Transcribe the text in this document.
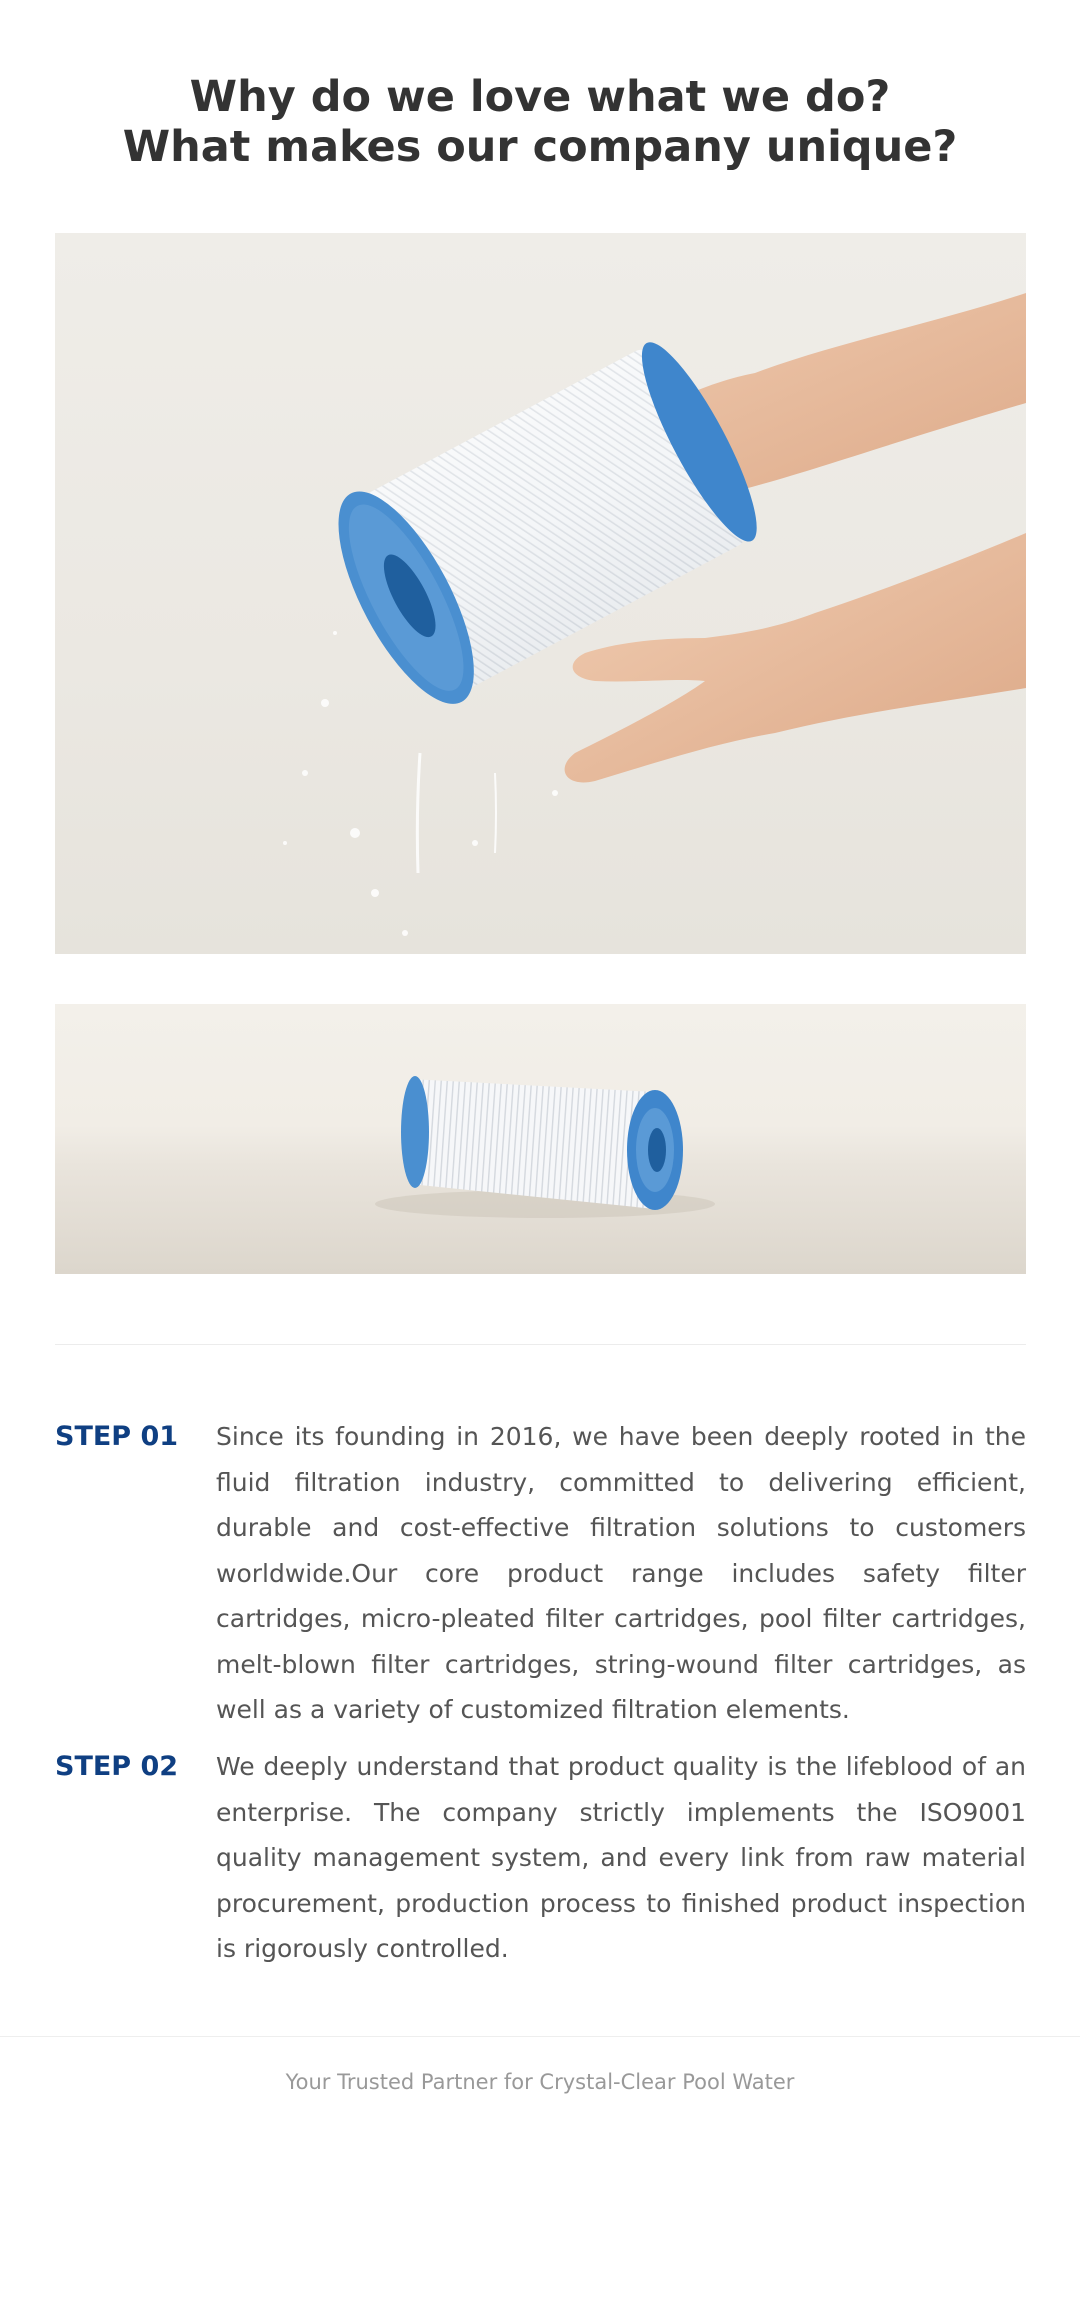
Why do we love what we do?
What makes our company unique?
STEP 01	Since its founding in 2016, we have been deeply rooted in the fluid filtration industry, committed to delivering efficient, durable and cost-effective filtration solutions to customers worldwide.Our core product range includes safety filter cartridges, micro-pleated filter cartridges, pool filter cartridges, melt-blown filter cartridges, string-wound filter cartridges, as well as a variety of customized filtration elements.

STEP 02	We deeply understand that product quality is the lifeblood of an enterprise. The company strictly implements the ISO9001 quality management system, and every link from raw material procurement, production process to finished product inspection is rigorously controlled.

Your Trusted Partner for Crystal-Clear Pool Water
